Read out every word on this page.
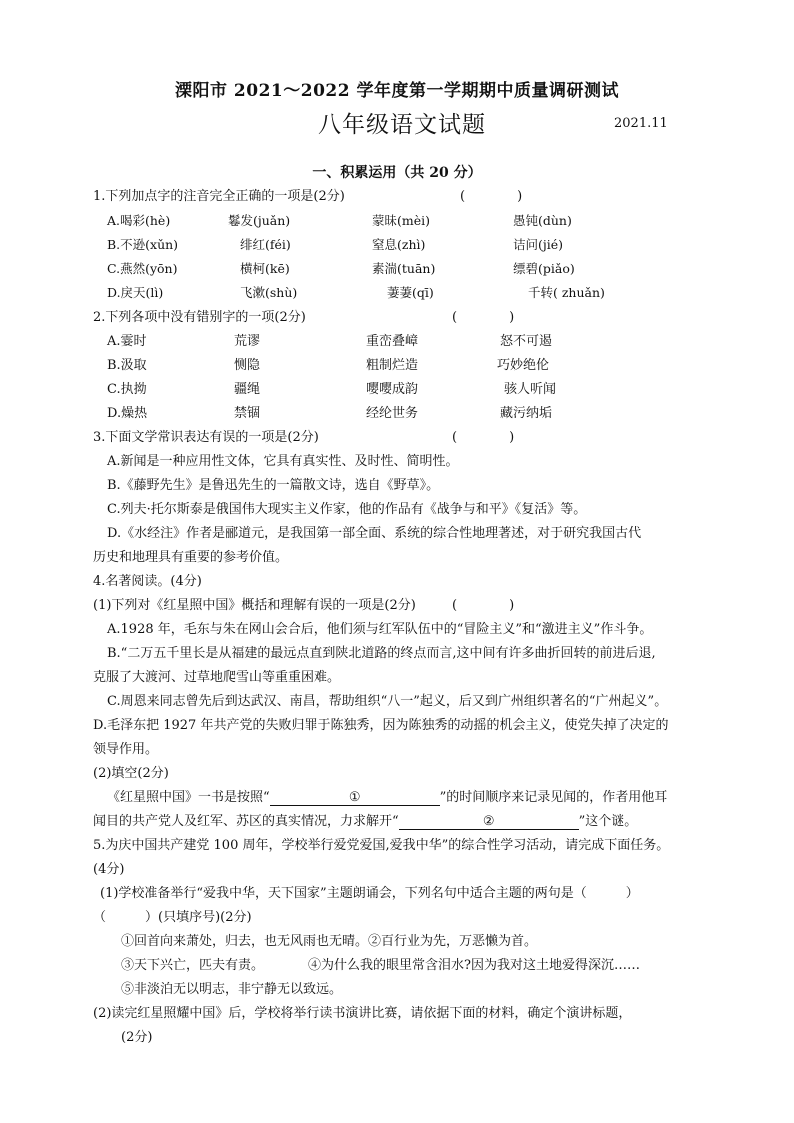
溧阳市 2021～2022 学年度第一学期期中质量调研测试
八年级语文试题	2021.11
一、积累运用（共 20 分）
1.下列加点字的注音完全正确的一项是(2分)	(　　　　)
A.喝彩(hè)	鬈发(juǎn)	蒙昧(mèi)	愚钝(dùn)
B.不逊(xǔn)	绯红(féi)	窒息(zhì)	诘问(jié)
C.燕然(yōn)	横柯(kē)	素湍(tuān)	缥碧(piǎo)
D.戾天(lì)	飞漱(shù)	萋萋(qī)	千转( zhuǎn)
2.下列各项中没有错别字的一项(2分)	(　　　　)
A.霎时	荒谬	重峦叠嶂	怒不可遏
B.汲取	恻隐	粗制烂造	巧妙绝伦
C.执拗	疆绳	嘤嘤成韵	骇人听闻
D.燥热	禁锢	经纶世务	藏污纳垢
3.下面文学常识表达有误的一项是(2分)	(　　　　)
A.新闻是一种应用性文体，它具有真实性、及时性、简明性。
B.《藤野先生》是鲁迅先生的一篇散文诗，选自《野草》。
C.列夫·托尔斯泰是俄国伟大现实主义作家，他的作品有《战争与和平》《复活》等。
D.《水经注》作者是郦道元，是我国第一部全面、系统的综合性地理著述，对于研究我国古代
历史和地理具有重要的参考价值。
4.名著阅读。(4分)
(1)下列对《红星照中国》概括和理解有误的一项是(2分)	(　　　　)
A.1928 年，毛东与朱在网山会合后，他们须与红军队伍中的“冒险主义”和“激进主义”作斗争。
B.“二万五千里长是从福建的最远点直到陕北道路的终点而言,这中间有许多曲折回转的前进后退,
克服了大渡河、过草地爬雪山等重重困难。
C.周恩来同志曾先后到达武汉、南昌，帮助组织“八一”起义，后又到广州组织著名的“广州起义”。
D.毛泽东把 1927 年共产党的失败归罪于陈独秀，因为陈独秀的动摇的机会主义，使党失掉了决定的
领导作用。
(2)填空(2分)
《红星照中国》一书是按照“	①	”的时间顺序来记录见闻的，作者用他耳
闻目的共产党人及红军、苏区的真实情况，力求解开“	②	”这个谜。
5.为庆中国共产建党 100 周年，学校举行爱党爱国,爱我中华”的综合性学习活动，请完成下面任务。
(4分)
(1)学校准备举行“爱我中华，天下国家”主题朗诵会，下列名句中适合主题的两句是（　　　）
（　　　）(只填序号)(2分)
①回首向来萧处，归去，也无风雨也无晴。②百行业为先，万恶懒为首。
③天下兴亡，匹夫有责。	④为什么我的眼里常含泪水?因为我对这土地爱得深沉……
⑤非淡泊无以明志，非宁静无以致远。
(2)读完红星照耀中国》后，学校将举行读书演讲比赛，请依据下面的材料，确定个演讲标题，
(2分)
